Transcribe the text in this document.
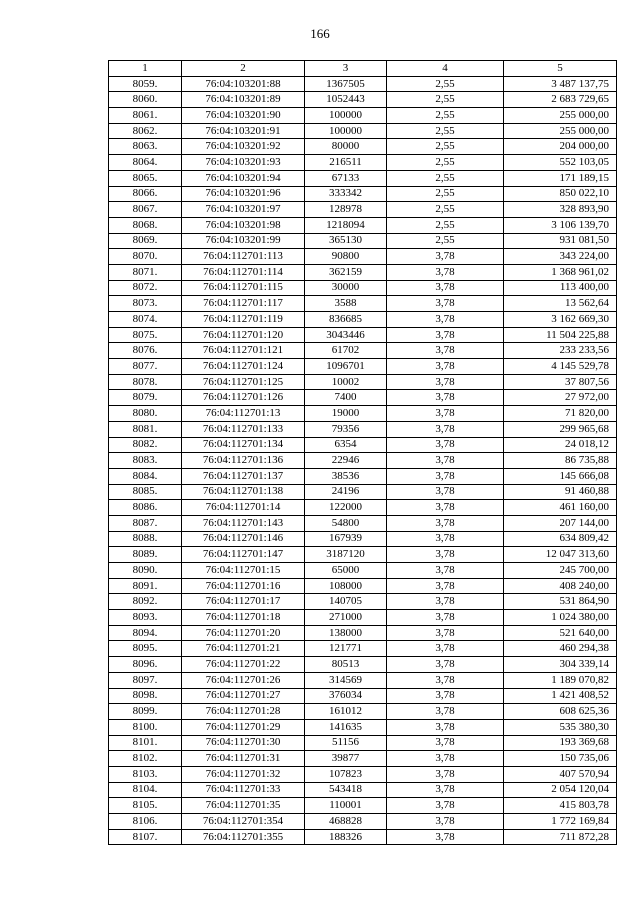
166
1	2	3	4	5
8059.	76:04:103201:88	1367505	2,55	3 487 137,75
8060.	76:04:103201:89	1052443	2,55	2 683 729,65
8061.	76:04:103201:90	100000	2,55	255 000,00
8062.	76:04:103201:91	100000	2,55	255 000,00
8063.	76:04:103201:92	80000	2,55	204 000,00
8064.	76:04:103201:93	216511	2,55	552 103,05
8065.	76:04:103201:94	67133	2,55	171 189,15
8066.	76:04:103201:96	333342	2,55	850 022,10
8067.	76:04:103201:97	128978	2,55	328 893,90
8068.	76:04:103201:98	1218094	2,55	3 106 139,70
8069.	76:04:103201:99	365130	2,55	931 081,50
8070.	76:04:112701:113	90800	3,78	343 224,00
8071.	76:04:112701:114	362159	3,78	1 368 961,02
8072.	76:04:112701:115	30000	3,78	113 400,00
8073.	76:04:112701:117	3588	3,78	13 562,64
8074.	76:04:112701:119	836685	3,78	3 162 669,30
8075.	76:04:112701:120	3043446	3,78	11 504 225,88
8076.	76:04:112701:121	61702	3,78	233 233,56
8077.	76:04:112701:124	1096701	3,78	4 145 529,78
8078.	76:04:112701:125	10002	3,78	37 807,56
8079.	76:04:112701:126	7400	3,78	27 972,00
8080.	76:04:112701:13	19000	3,78	71 820,00
8081.	76:04:112701:133	79356	3,78	299 965,68
8082.	76:04:112701:134	6354	3,78	24 018,12
8083.	76:04:112701:136	22946	3,78	86 735,88
8084.	76:04:112701:137	38536	3,78	145 666,08
8085.	76:04:112701:138	24196	3,78	91 460,88
8086.	76:04:112701:14	122000	3,78	461 160,00
8087.	76:04:112701:143	54800	3,78	207 144,00
8088.	76:04:112701:146	167939	3,78	634 809,42
8089.	76:04:112701:147	3187120	3,78	12 047 313,60
8090.	76:04:112701:15	65000	3,78	245 700,00
8091.	76:04:112701:16	108000	3,78	408 240,00
8092.	76:04:112701:17	140705	3,78	531 864,90
8093.	76:04:112701:18	271000	3,78	1 024 380,00
8094.	76:04:112701:20	138000	3,78	521 640,00
8095.	76:04:112701:21	121771	3,78	460 294,38
8096.	76:04:112701:22	80513	3,78	304 339,14
8097.	76:04:112701:26	314569	3,78	1 189 070,82
8098.	76:04:112701:27	376034	3,78	1 421 408,52
8099.	76:04:112701:28	161012	3,78	608 625,36
8100.	76:04:112701:29	141635	3,78	535 380,30
8101.	76:04:112701:30	51156	3,78	193 369,68
8102.	76:04:112701:31	39877	3,78	150 735,06
8103.	76:04:112701:32	107823	3,78	407 570,94
8104.	76:04:112701:33	543418	3,78	2 054 120,04
8105.	76:04:112701:35	110001	3,78	415 803,78
8106.	76:04:112701:354	468828	3,78	1 772 169,84
8107.	76:04:112701:355	188326	3,78	711 872,28
